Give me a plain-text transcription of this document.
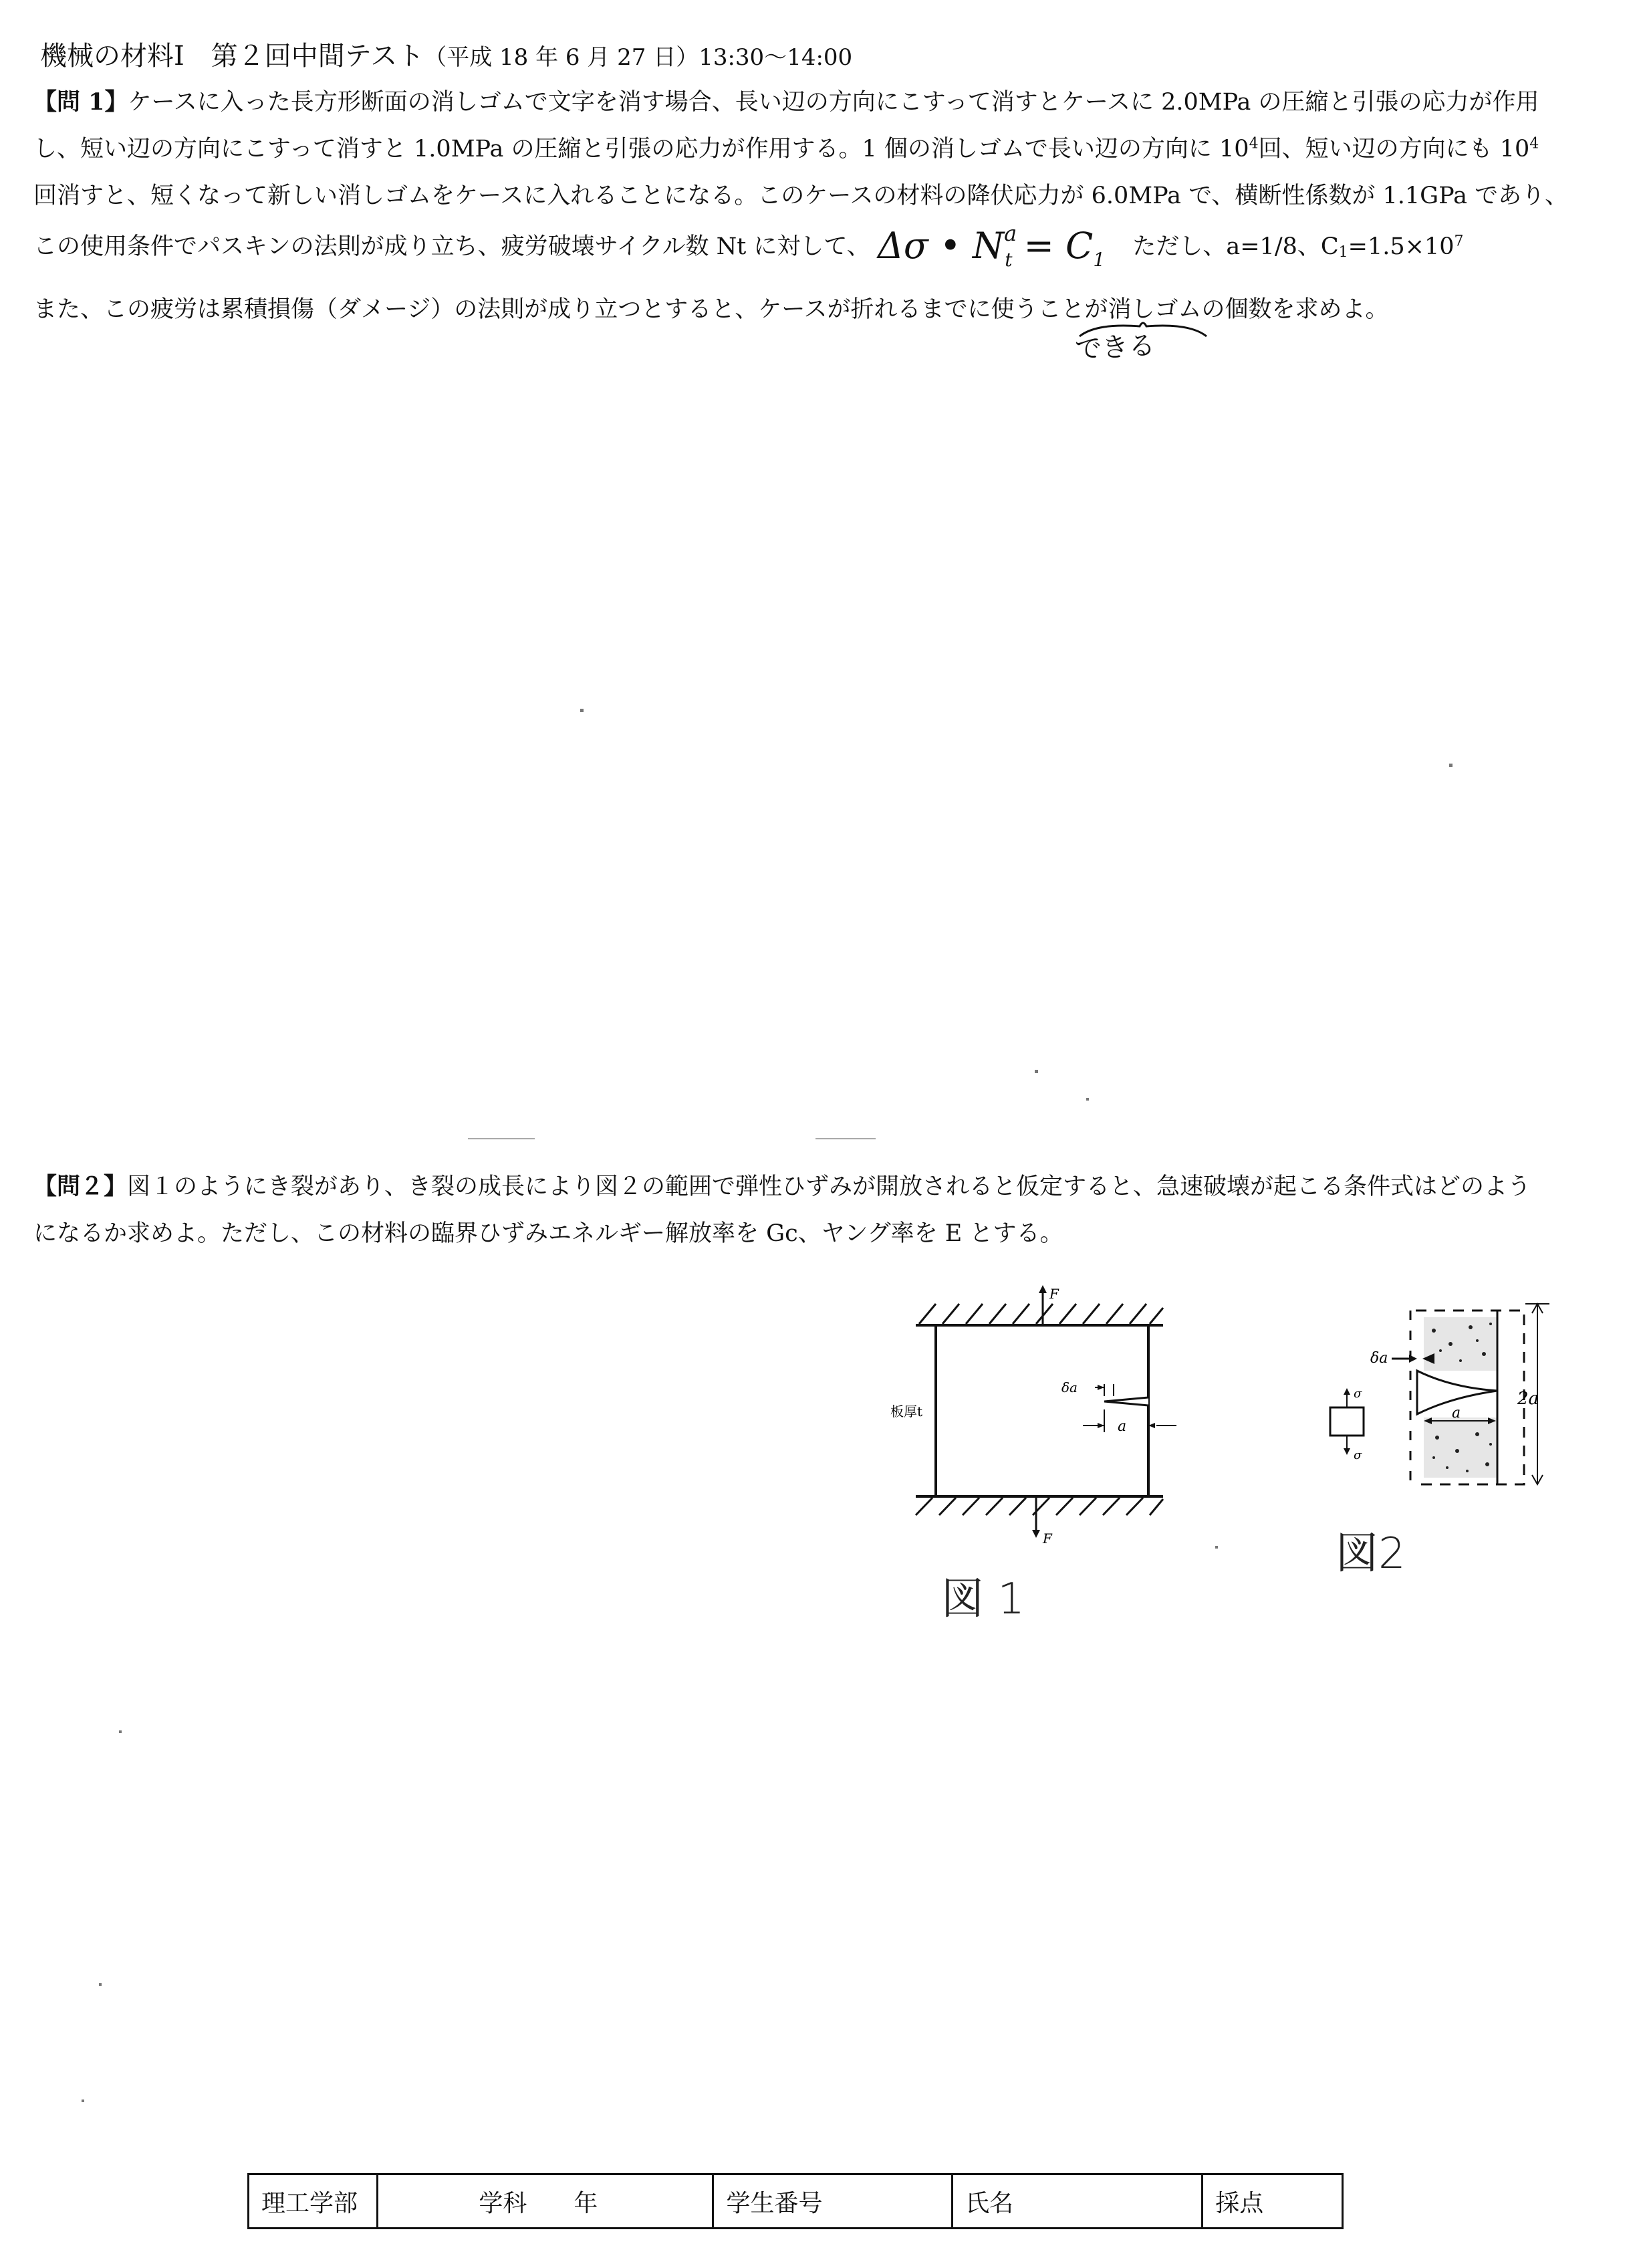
機械の材料Ⅰ　第２回中間テスト（平成 18 年 6 月 27 日）13:30～14:00
【問 1】ケースに入った長方形断面の消しゴムで文字を消す場合、長い辺の方向にこすって消すとケースに 2.0MPa の圧縮と引張の応力が作用
し、短い辺の方向にこすって消すと 1.0MPa の圧縮と引張の応力が作用する。1 個の消しゴムで長い辺の方向に $10^4$回、短い辺の方向にも $10^4$
回消すと、短くなって新しい消しゴムをケースに入れることになる。このケースの材料の降伏応力が 6.0MPa で、横断性係数が 1.1GPa であり、
この使用条件でパスキンの法則が成り立ち、疲労破壊サイクル数 Nt に対して、 Δσ • $N^a_t = C_1$ ただし、a=1/8、$C1=1.5\times 10^7$
また、この疲労は累積損傷（ダメージ）の法則が成り立つとすると、ケースが折れるまでに使うことが消しゴムの個数を求めよ。
できる
【問２】図１のようにき裂があり、き裂の成長により図２の範囲で弾性ひずみが開放されると仮定すると、急速破壊が起こる条件式はどのよう
になるか求めよ。ただし、この材料の臨界ひずみエネルギー解放率を Gc、ヤング率を E とする。
F
δa
a
板厚t
F
図 1
δa
2a
a
σ
σ
図2
理工学部	学科 年	学生番号	氏名	採点
